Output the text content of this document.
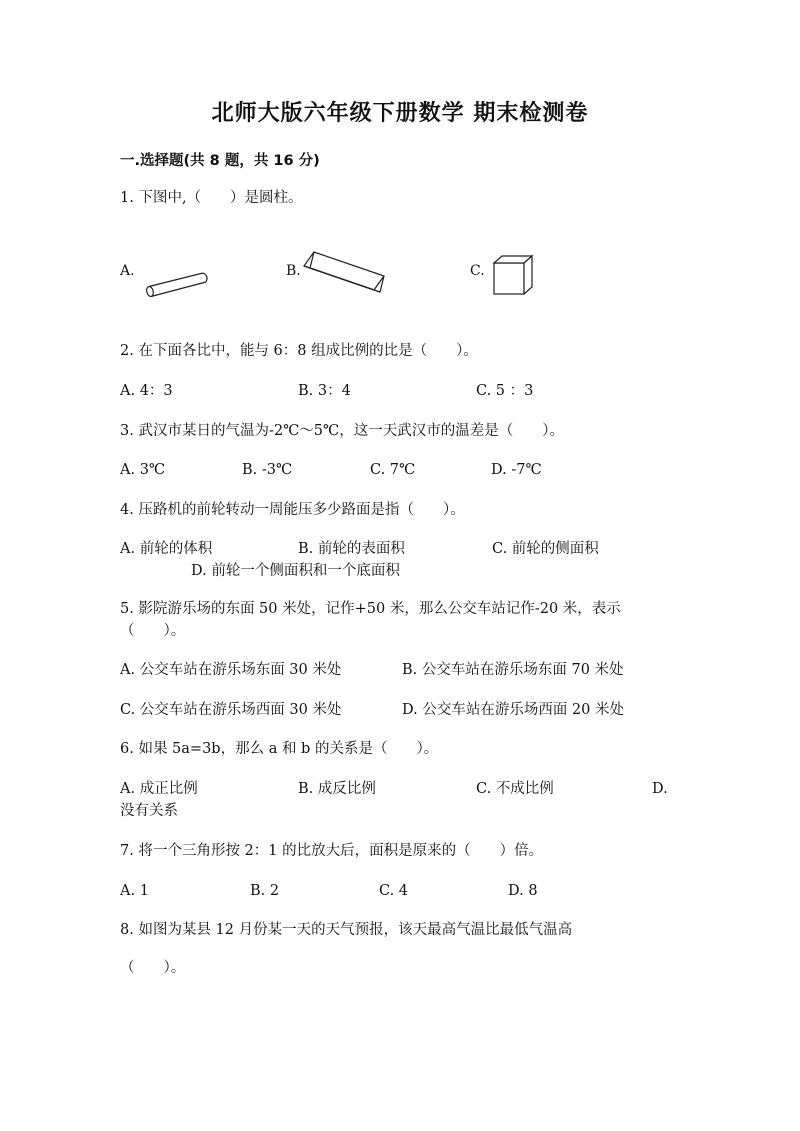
北师大版六年级下册数学 期末检测卷
一.选择题(共 8 题，共 16 分)
1. 下图中,（　　）是圆柱。
A.	B.	C.
2. 在下面各比中，能与 6：8 组成比例的比是（　　）。
A. 4：3	B. 3：4	C. 5 ：3
3. 武汉市某日的气温为-2℃～5℃，这一天武汉市的温差是（　　）。
A. 3℃	B. -3℃	C. 7℃	D. -7℃
4. 压路机的前轮转动一周能压多少路面是指（　　）。
A. 前轮的体积	B. 前轮的表面积	C. 前轮的侧面积
D. 前轮一个侧面积和一个底面积
5. 影院游乐场的东面 50 米处，记作+50 米，那么公交车站记作-20 米，表示
（　　）。
A. 公交车站在游乐场东面 30 米处	B. 公交车站在游乐场东面 70 米处
C. 公交车站在游乐场西面 30 米处	D. 公交车站在游乐场西面 20 米处
6. 如果 5a=3b，那么 a 和 b 的关系是（　　）。
A. 成正比例	B. 成反比例	C. 不成比例	D.
没有关系
7. 将一个三角形按 2：1 的比放大后，面积是原来的（　　）倍。
A. 1	B. 2	C. 4	D. 8
8. 如图为某县 12 月份某一天的天气预报，该天最高气温比最低气温高
（　　）。
